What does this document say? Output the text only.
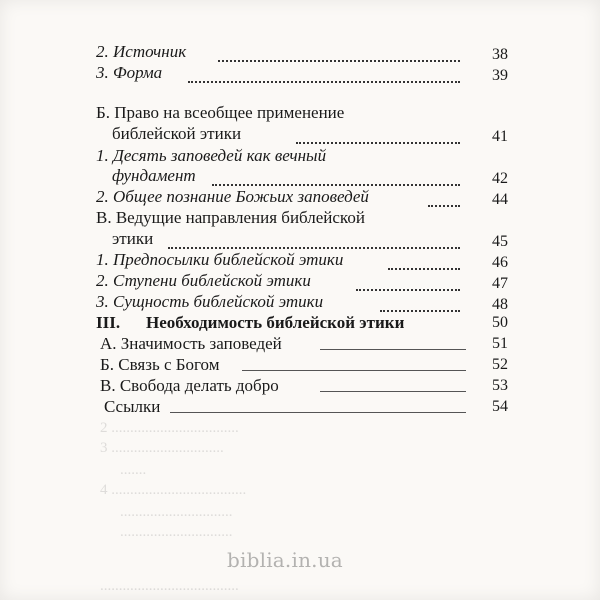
2 ..................................
3 ..............................
.......
4 ....................................
..............................
..............................
.....................................
2. Источник	38
3. Форма	39
Б. Право на всеобщее применение
библейской этики	41
1. Десять заповедей как вечный
фундамент	42
2. Общее познание Божьих заповедей	44
В. Ведущие направления библейской
этики	45
1. Предпосылки библейской этики	46
2. Ступени библейской этики	47
3. Сущность библейской этики	48
III. Необходимость библейской этики	50
А. Значимость заповедей	51
Б. Связь с Богом	52
В. Свобода делать добро	53
Ссылки	54
biblia.in.ua
